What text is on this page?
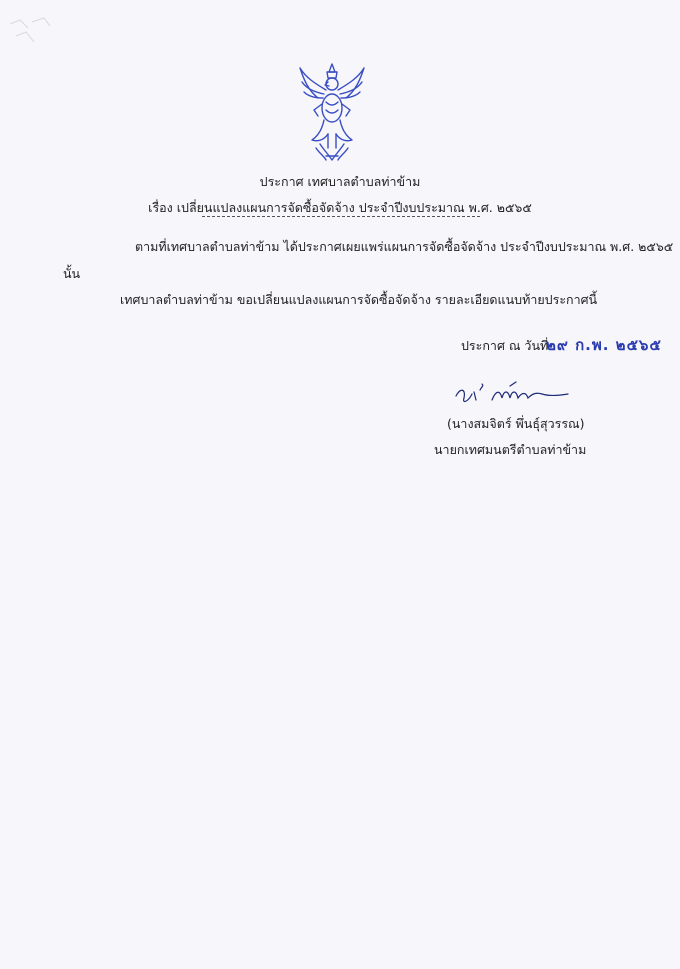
ประกาศ เทศบาลตำบลท่าข้าม
เรื่อง เปลี่ยนแปลงแผนการจัดซื้อจัดจ้าง ประจำปีงบประมาณ พ.ศ. ๒๕๖๕
ตามที่เทศบาลตำบลท่าข้าม ได้ประกาศเผยแพร่แผนการจัดซื้อจัดจ้าง ประจำปีงบประมาณ พ.ศ. ๒๕๖๕
นั้น
เทศบาลตำบลท่าข้าม ขอเปลี่ยนแปลงแผนการจัดซื้อจัดจ้าง รายละเอียดแนบท้ายประกาศนี้
ประกาศ ณ วันที่
๒๙ ก.พ. ๒๕๖๕
(นางสมจิตร์ พึ่นธุ์สุวรรณ)
นายกเทศมนตรีตำบลท่าข้าม
